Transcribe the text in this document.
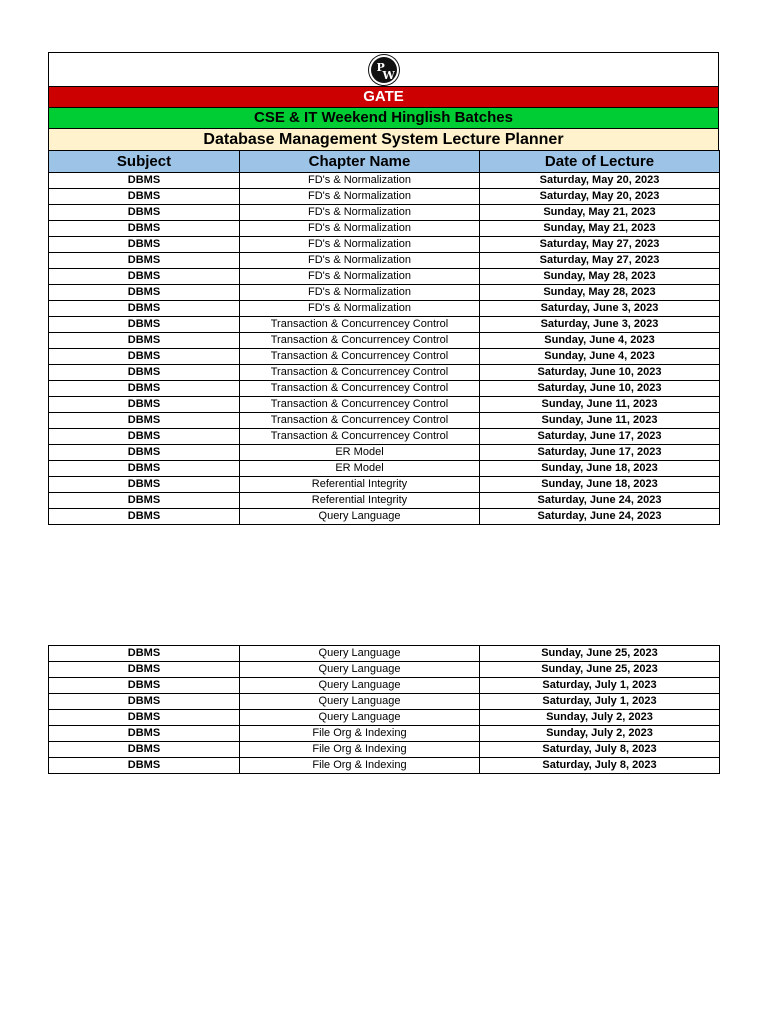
P
W
GATE
CSE & IT Weekend Hinglish Batches
Database Management System Lecture Planner
Subject	Chapter Name	Date of Lecture
DBMS	FD's & Normalization	Saturday, May 20, 2023
DBMS	FD's & Normalization	Saturday, May 20, 2023
DBMS	FD's & Normalization	Sunday, May 21, 2023
DBMS	FD's & Normalization	Sunday, May 21, 2023
DBMS	FD's & Normalization	Saturday, May 27, 2023
DBMS	FD's & Normalization	Saturday, May 27, 2023
DBMS	FD's & Normalization	Sunday, May 28, 2023
DBMS	FD's & Normalization	Sunday, May 28, 2023
DBMS	FD's & Normalization	Saturday, June 3, 2023
DBMS	Transaction & Concurrencey Control	Saturday, June 3, 2023
DBMS	Transaction & Concurrencey Control	Sunday, June 4, 2023
DBMS	Transaction & Concurrencey Control	Sunday, June 4, 2023
DBMS	Transaction & Concurrencey Control	Saturday, June 10, 2023
DBMS	Transaction & Concurrencey Control	Saturday, June 10, 2023
DBMS	Transaction & Concurrencey Control	Sunday, June 11, 2023
DBMS	Transaction & Concurrencey Control	Sunday, June 11, 2023
DBMS	Transaction & Concurrencey Control	Saturday, June 17, 2023
DBMS	ER Model	Saturday, June 17, 2023
DBMS	ER Model	Sunday, June 18, 2023
DBMS	Referential Integrity	Sunday, June 18, 2023
DBMS	Referential Integrity	Saturday, June 24, 2023
DBMS	Query Language	Saturday, June 24, 2023
DBMS	Query Language	Sunday, June 25, 2023
DBMS	Query Language	Sunday, June 25, 2023
DBMS	Query Language	Saturday, July 1, 2023
DBMS	Query Language	Saturday, July 1, 2023
DBMS	Query Language	Sunday, July 2, 2023
DBMS	File Org & Indexing	Sunday, July 2, 2023
DBMS	File Org & Indexing	Saturday, July 8, 2023
DBMS	File Org & Indexing	Saturday, July 8, 2023
